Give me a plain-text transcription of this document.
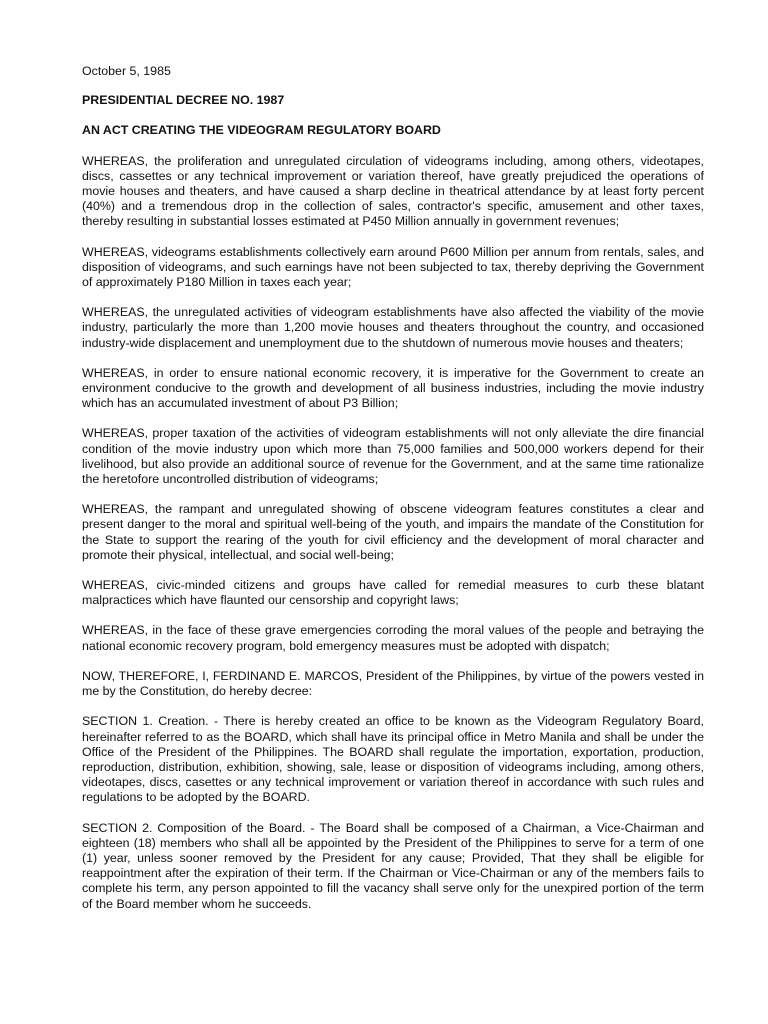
October 5, 1985

PRESIDENTIAL DECREE NO. 1987

AN ACT CREATING THE VIDEOGRAM REGULATORY BOARD

WHEREAS, the proliferation and unregulated circulation of videograms including, among others, videotapes, discs, cassettes or any technical improvement or variation thereof, have greatly prejudiced the operations of movie houses and theaters, and have caused a sharp decline in theatrical attendance by at least forty percent (40%) and a tremendous drop in the collection of sales, contractor's specific, amusement and other taxes, thereby resulting in substantial losses estimated at P450 Million annually in government revenues;

WHEREAS, videograms establishments collectively earn around P600 Million per annum from rentals, sales, and disposition of videograms, and such earnings have not been subjected to tax, thereby depriving the Government of approximately P180 Million in taxes each year;

WHEREAS, the unregulated activities of videogram establishments have also affected the viability of the movie industry, particularly the more than 1,200 movie houses and theaters throughout the country, and occasioned industry-wide displacement and unemployment due to the shutdown of numerous movie houses and theaters;

WHEREAS, in order to ensure national economic recovery, it is imperative for the Government to create an environment conducive to the growth and development of all business industries, including the movie industry which has an accumulated investment of about P3 Billion;

WHEREAS, proper taxation of the activities of videogram establishments will not only alleviate the dire financial condition of the movie industry upon which more than 75,000 families and 500,000 workers depend for their livelihood, but also provide an additional source of revenue for the Government, and at the same time rationalize the heretofore uncontrolled distribution of videograms;

WHEREAS, the rampant and unregulated showing of obscene videogram features constitutes a clear and present danger to the moral and spiritual well-being of the youth, and impairs the mandate of the Constitution for the State to support the rearing of the youth for civil efficiency and the development of moral character and promote their physical, intellectual, and social well-being;

WHEREAS, civic-minded citizens and groups have called for remedial measures to curb these blatant malpractices which have flaunted our censorship and copyright laws;

WHEREAS, in the face of these grave emergencies corroding the moral values of the people and betraying the national economic recovery program, bold emergency measures must be adopted with dispatch;

NOW, THEREFORE, I, FERDINAND E. MARCOS, President of the Philippines, by virtue of the powers vested in me by the Constitution, do hereby decree:

SECTION 1. Creation. - There is hereby created an office to be known as the Videogram Regulatory Board, hereinafter referred to as the BOARD, which shall have its principal office in Metro Manila and shall be under the Office of the President of the Philippines. The BOARD shall regulate the importation, exportation, production, reproduction, distribution, exhibition, showing, sale, lease or disposition of videograms including, among others, videotapes, discs, casettes or any technical improvement or variation thereof in accordance with such rules and regulations to be adopted by the BOARD.

SECTION 2. Composition of the Board. - The Board shall be composed of a Chairman, a Vice-Chairman and eighteen (18) members who shall all be appointed by the President of the Philippines to serve for a term of one (1) year, unless sooner removed by the President for any cause; Provided, That they shall be eligible for reappointment after the expiration of their term. If the Chairman or Vice-Chairman or any of the members fails to complete his term, any person appointed to fill the vacancy shall serve only for the unexpired portion of the term of the Board member whom he succeeds.
